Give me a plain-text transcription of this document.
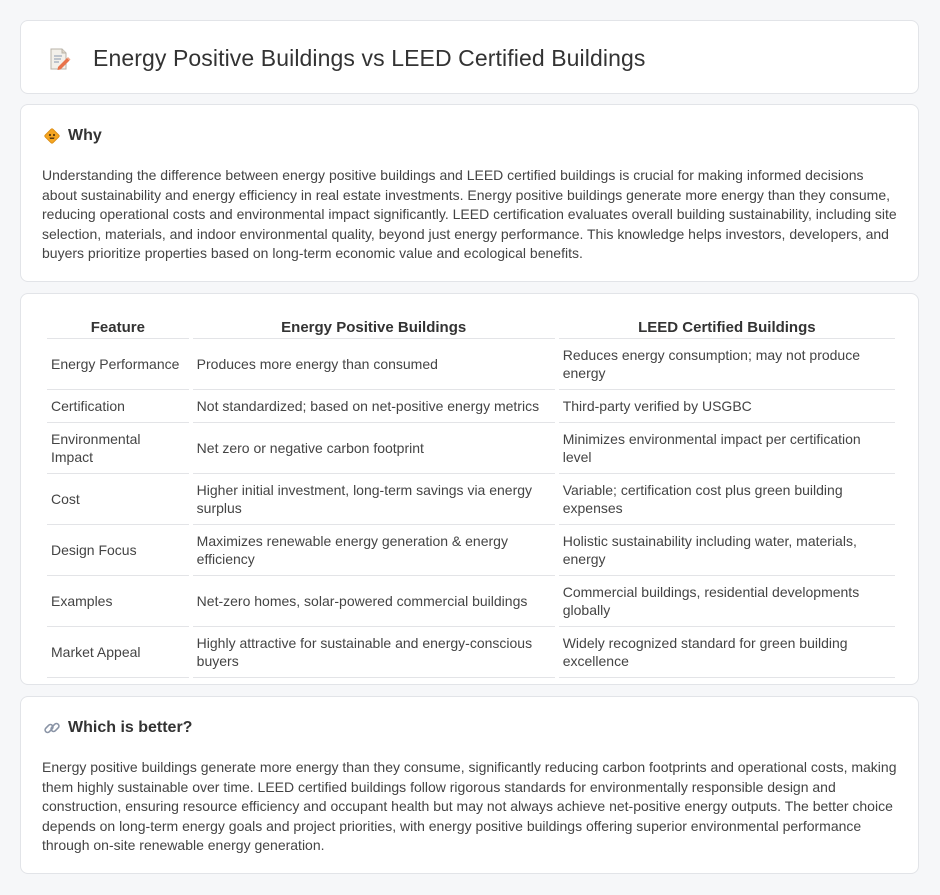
Energy Positive Buildings vs LEED Certified Buildings
Why

Understanding the difference between energy positive buildings and LEED certified buildings is crucial for making informed decisions about sustainability and energy efficiency in real estate investments. Energy positive buildings generate more energy than they consume, reducing operational costs and environmental impact significantly. LEED certification evaluates overall building sustainability, including site selection, materials, and indoor environmental quality, beyond just energy performance. This knowledge helps investors, developers, and buyers prioritize properties based on long-term economic value and ecological benefits.

Feature	Energy Positive Buildings	LEED Certified Buildings
Energy Performance	Produces more energy than consumed	Reduces energy consumption; may not produce energy
Certification	Not standardized; based on net-positive energy metrics	Third-party verified by USGBC
Environmental Impact	Net zero or negative carbon footprint	Minimizes environmental impact per certification level
Cost	Higher initial investment, long-term savings via energy surplus	Variable; certification cost plus green building expenses
Design Focus	Maximizes renewable energy generation & energy efficiency	Holistic sustainability including water, materials, energy
Examples	Net-zero homes, solar-powered commercial buildings	Commercial buildings, residential developments globally
Market Appeal	Highly attractive for sustainable and energy-conscious buyers	Widely recognized standard for green building excellence
Which is better?

Energy positive buildings generate more energy than they consume, significantly reducing carbon footprints and operational costs, making them highly sustainable over time. LEED certified buildings follow rigorous standards for environmentally responsible design and construction, ensuring resource efficiency and occupant health but may not always achieve net-positive energy outputs. The better choice depends on long-term energy goals and project priorities, with energy positive buildings offering superior environmental performance through on-site renewable energy generation.
